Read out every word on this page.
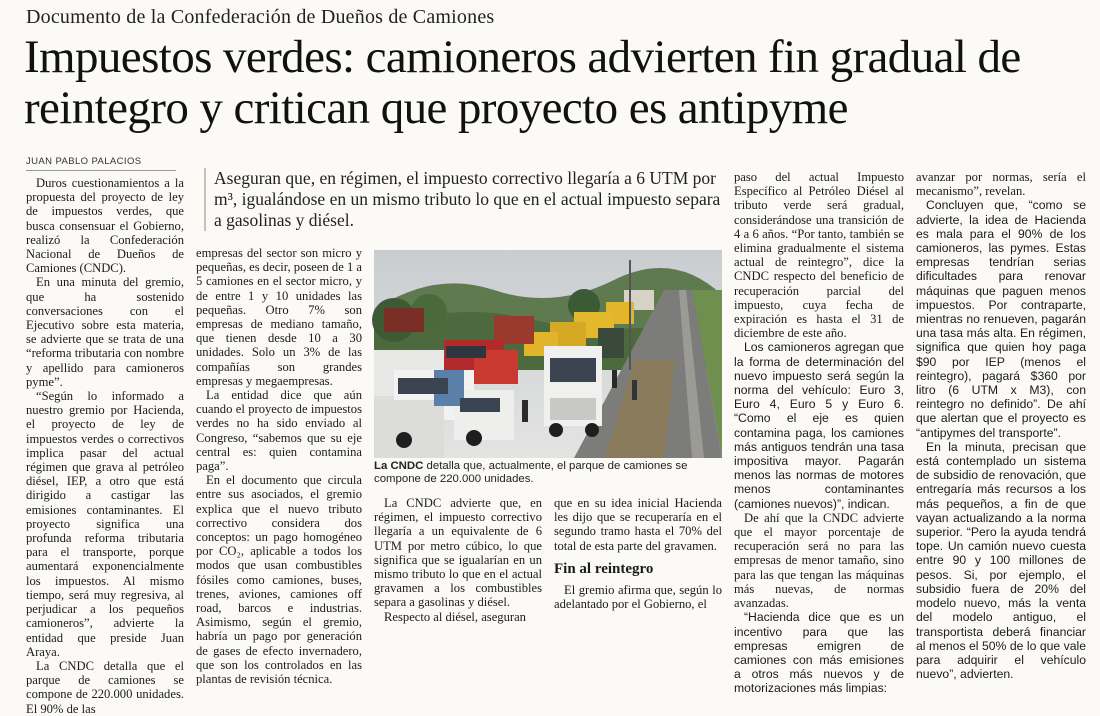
Documento de la Confederación de Dueños de Camiones
Impuestos verdes: camioneros advierten fin gradual de reintegro y critican que proyecto es antipyme
JUAN PABLO PALACIOS

Duros cuestionamientos a la propuesta del proyecto de ley de impuestos verdes, que busca consensuar el Gobierno, realizó la Confederación Nacional de Dueños de Camiones (CNDC).

En una minuta del gremio, que ha sostenido conversaciones con el Ejecutivo sobre esta materia, se advierte que se trata de una “reforma tributaria con nombre y apellido para camioneros pyme”.

“Según lo informado a nuestro gremio por Hacienda, el proyecto de ley de impuestos verdes o correctivos implica pasar del actual régimen que grava al petróleo diésel, IEP, a otro que está dirigido a castigar las emisiones contaminantes. El proyecto significa una profunda reforma tributaria para el transporte, porque aumentará exponencialmente los impuestos. Al mismo tiempo, será muy regresiva, al perjudicar a los pequeños camioneros”, advierte la entidad que preside Juan Araya.

La CNDC detalla que el parque de camiones se compone de 220.000 unidades. El 90% de las

Aseguran que, en régimen, el impuesto correctivo llegaría a 6 UTM por m³, igualándose en un mismo tributo lo que en el actual impuesto separa a gasolinas y diésel.

empresas del sector son micro y pequeñas, es decir, poseen de 1 a 5 camiones en el sector micro, y de entre 1 y 10 unidades las pequeñas. Otro 7% son empresas de mediano tamaño, que tienen desde 10 a 30 unidades. Solo un 3% de las compañías son grandes empresas y megaempresas.

La entidad dice que aún cuando el proyecto de impuestos verdes no ha sido enviado al Congreso, “sabemos que su eje central es: quien contamina paga”.

En el documento que circula entre sus asociados, el gremio explica que el nuevo tributo correctivo considera dos conceptos: un pago homogéneo por CO₂, aplicable a todos los modos que usan combustibles fósiles como camiones, buses, trenes, aviones, camiones off road, barcos e industrias. Asimismo, según el gremio, habría un pago por generación de gases de efecto invernadero, que son los controlados en las plantas de revisión técnica.

La CNDC detalla que, actualmente, el parque de camiones se compone de 220.000 unidades.

La CNDC advierte que, en régimen, el impuesto correctivo llegaría a un equivalente de 6 UTM por metro cúbico, lo que significa que se igualarían en un mismo tributo lo que en el actual gravamen a los combustibles separa a gasolinas y diésel.

Respecto al diésel, aseguran

que en su idea inicial Hacienda les dijo que se recuperaría en el segundo tramo hasta el 70% del total de esta parte del gravamen.

Fin al reintegro

El gremio afirma que, según lo adelantado por el Gobierno, el

paso del actual Impuesto Específico al Petróleo Diésel al tributo verde será gradual, considerándose una transición de 4 a 6 años. “Por tanto, también se elimina gradualmente el sistema actual de reintegro”, dice la CNDC respecto del beneficio de recuperación parcial del impuesto, cuya fecha de expiración es hasta el 31 de diciembre de este año.

Los camioneros agregan que la forma de determinación del nuevo impuesto será según la norma del vehículo: Euro 3, Euro 4, Euro 5 y Euro 6. “Como el eje es quien contamina paga, los camiones más antiguos tendrán una tasa impositiva mayor. Pagarán menos las normas de motores menos contaminantes (camiones nuevos)”, indican.

De ahí que la CNDC advierte que el mayor porcentaje de recuperación será no para las empresas de menor tamaño, sino para las que tengan las máquinas más nuevas, de normas avanzadas.

“Hacienda dice que es un incentivo para que las empresas emigren de camiones con más emisiones a otros más nuevos y de motorizaciones más limpias:

avanzar por normas, sería el mecanismo”, revelan.

Concluyen que, “como se advierte, la idea de Hacienda es mala para el 90% de los camioneros, las pymes. Estas empresas tendrían serias dificultades para renovar máquinas que paguen menos impuestos. Por contraparte, mientras no renueven, pagarán una tasa más alta. En régimen, significa que quien hoy paga $90 por IEP (menos el reintegro), pagará $360 por litro (6 UTM x M3), con reintegro no definido”. De ahí que alertan que el proyecto es “antipymes del transporte”.

En la minuta, precisan que está contemplado un sistema de subsidio de renovación, que entregaría más recursos a los más pequeños, a fin de que vayan actualizando a la norma superior. “Pero la ayuda tendrá tope. Un camión nuevo cuesta entre 90 y 100 millones de pesos. Si, por ejemplo, el subsidio fuera de 20% del modelo nuevo, más la venta del modelo antiguo, el transportista deberá financiar al menos el 50% de lo que vale para adquirir el vehículo nuevo”, advierten.
